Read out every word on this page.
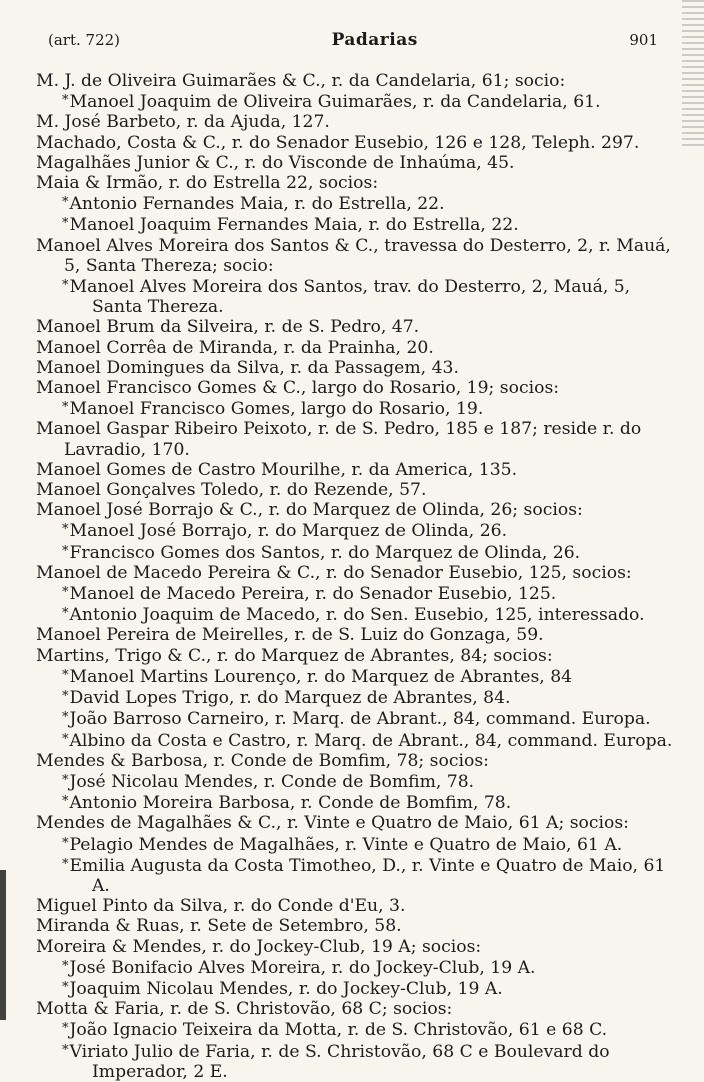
(art. 722)	Padarias	901
M. J. de Oliveira Guimarães & C., r. da Candelaria, 61; socio:
*Manoel Joaquim de Oliveira Guimarães, r. da Candelaria, 61.
M. José Barbeto, r. da Ajuda, 127.
Machado, Costa & C., r. do Senador Eusebio, 126 e 128, Teleph. 297.
Magalhães Junior & C., r. do Visconde de Inhaúma, 45.
Maia & Irmão, r. do Estrella 22, socios:
*Antonio Fernandes Maia, r. do Estrella, 22.
*Manoel Joaquim Fernandes Maia, r. do Estrella, 22.
Manoel Alves Moreira dos Santos & C., travessa do Desterro, 2, r. Mauá, 5, Santa Thereza; socio:
*Manoel Alves Moreira dos Santos, trav. do Desterro, 2, Mauá, 5, Santa Thereza.
Manoel Brum da Silveira, r. de S. Pedro, 47.
Manoel Corrêa de Miranda, r. da Prainha, 20.
Manoel Domingues da Silva, r. da Passagem, 43.
Manoel Francisco Gomes & C., largo do Rosario, 19; socios:
*Manoel Francisco Gomes, largo do Rosario, 19.
Manoel Gaspar Ribeiro Peixoto, r. de S. Pedro, 185 e 187; reside r. do Lavradio, 170.
Manoel Gomes de Castro Mourilhe, r. da America, 135.
Manoel Gonçalves Toledo, r. do Rezende, 57.
Manoel José Borrajo & C., r. do Marquez de Olinda, 26; socios:
*Manoel José Borrajo, r. do Marquez de Olinda, 26.
*Francisco Gomes dos Santos, r. do Marquez de Olinda, 26.
Manoel de Macedo Pereira & C., r. do Senador Eusebio, 125, socios:
*Manoel de Macedo Pereira, r. do Senador Eusebio, 125.
*Antonio Joaquim de Macedo, r. do Sen. Eusebio, 125, interessado.
Manoel Pereira de Meirelles, r. de S. Luiz do Gonzaga, 59.
Martins, Trigo & C., r. do Marquez de Abrantes, 84; socios:
*Manoel Martins Lourenço, r. do Marquez de Abrantes, 84
*David Lopes Trigo, r. do Marquez de Abrantes, 84.
*João Barroso Carneiro, r. Marq. de Abrant., 84, command. Europa.
*Albino da Costa e Castro, r. Marq. de Abrant., 84, command. Europa.
Mendes & Barbosa, r. Conde de Bomfim, 78; socios:
*José Nicolau Mendes, r. Conde de Bomfim, 78.
*Antonio Moreira Barbosa, r. Conde de Bomfim, 78.
Mendes de Magalhães & C., r. Vinte e Quatro de Maio, 61 A; socios:
*Pelagio Mendes de Magalhães, r. Vinte e Quatro de Maio, 61 A.
*Emilia Augusta da Costa Timotheo, D., r. Vinte e Quatro de Maio, 61 A.
Miguel Pinto da Silva, r. do Conde d'Eu, 3.
Miranda & Ruas, r. Sete de Setembro, 58.
Moreira & Mendes, r. do Jockey-Club, 19 A; socios:
*José Bonifacio Alves Moreira, r. do Jockey-Club, 19 A.
*Joaquim Nicolau Mendes, r. do Jockey-Club, 19 A.
Motta & Faria, r. de S. Christovão, 68 C; socios:
*João Ignacio Teixeira da Motta, r. de S. Christovão, 61 e 68 C.
*Viriato Julio de Faria, r. de S. Christovão, 68 C e Boulevard do Imperador, 2 E.
